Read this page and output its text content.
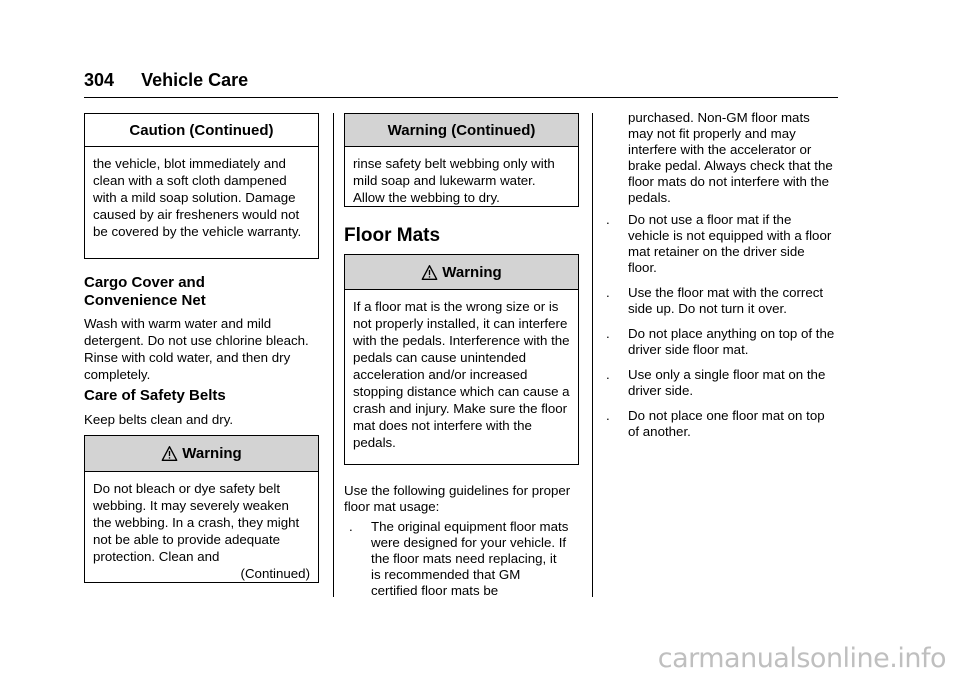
304 Vehicle Care
Caution (Continued)
the vehicle, blot immediately and clean with a soft cloth dampened with a mild soap solution. Damage caused by air fresheners would not be covered by the vehicle warranty.
Cargo Cover and
Convenience Net
Wash with warm water and mild detergent. Do not use chlorine bleach. Rinse with cold water, and then dry completely.
Care of Safety Belts
Keep belts clean and dry.
Warning
Do not bleach or dye safety belt webbing. It may severely weaken the webbing. In a crash, they might not be able to provide adequate protection. Clean and
(Continued)
Warning (Continued)
rinse safety belt webbing only with mild soap and lukewarm water. Allow the webbing to dry.
Floor Mats
Warning
If a floor mat is the wrong size or is not properly installed, it can interfere with the pedals. Interference with the pedals can cause unintended acceleration and/or increased stopping distance which can cause a crash and injury. Make sure the floor mat does not interfere with the pedals.
Use the following guidelines for proper floor mat usage:
. The original equipment floor mats were designed for your vehicle. If the floor mats need replacing, it is recommended that GM certified floor mats be
purchased. Non-GM floor mats may not fit properly and may interfere with the accelerator or brake pedal. Always check that the floor mats do not interfere with the pedals.
. Do not use a floor mat if the vehicle is not equipped with a floor mat retainer on the driver side floor.
. Use the floor mat with the correct side up. Do not turn it over.
. Do not place anything on top of the driver side floor mat.
. Use only a single floor mat on the driver side.
. Do not place one floor mat on top of another.
carmanualsonline.info
